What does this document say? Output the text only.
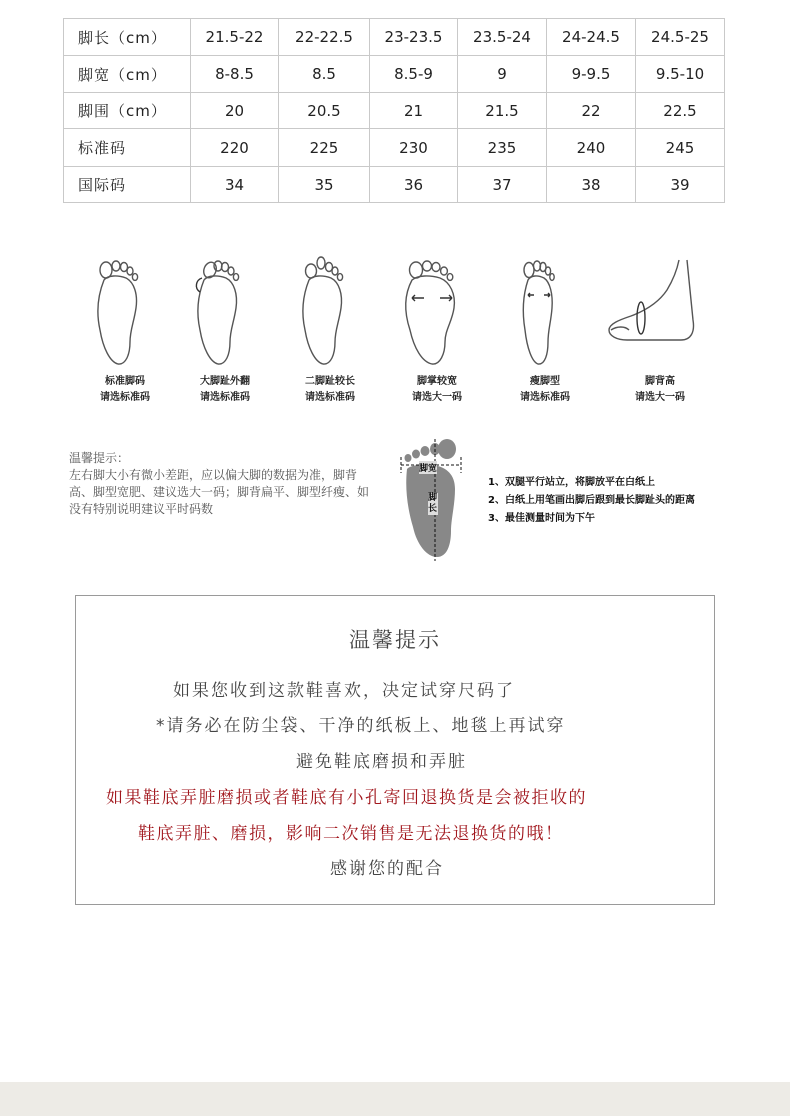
脚长（cm）	21.5-22	22-22.5	23-23.5	23.5-24	24-24.5	24.5-25
脚宽（cm）	8-8.5	8.5	8.5-9	9	9-9.5	9.5-10
脚围（cm）	20	20.5	21	21.5	22	22.5
标准码	220	225	230	235	240	245
国际码	34	35	36	37	38	39
标准脚码
请选标准码
大脚趾外翻
请选标准码
二脚趾较长
请选标准码
脚掌较宽
请选大一码
瘦脚型
请选标准码
脚背高
请选大一码
温馨提示：
左右脚大小有微小差距，应以偏大脚的数据为准，脚背高、脚型宽肥、建议选大一码；脚背扁平、脚型纤瘦、如没有特别说明建议平时码数
脚宽
脚长
1、双腿平行站立，将脚放平在白纸上
2、白纸上用笔画出脚后跟到最长脚趾头的距离
3、最佳测量时间为下午
温馨提示
如果您收到这款鞋喜欢，决定试穿尺码了
*请务必在防尘袋、干净的纸板上、地毯上再试穿
避免鞋底磨损和弄脏
如果鞋底弄脏磨损或者鞋底有小孔寄回退换货是会被拒收的
鞋底弄脏、磨损，影响二次销售是无法退换货的哦！
感谢您的配合
